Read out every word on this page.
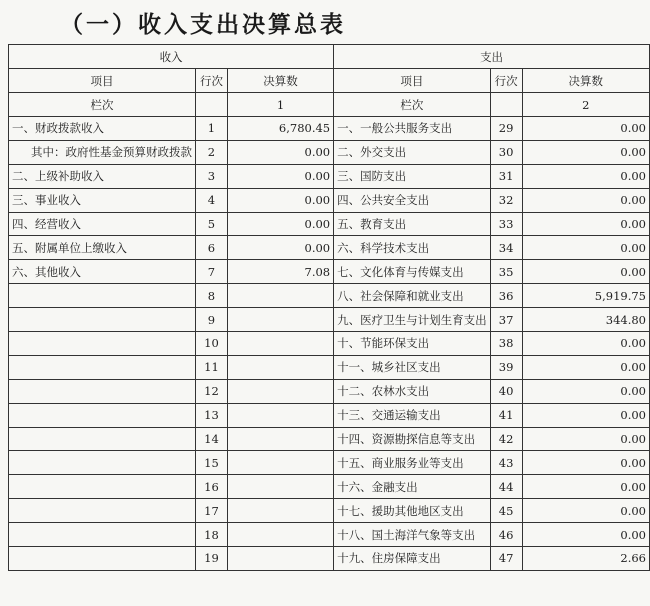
（一）收入支出决算总表
收入			支出		
项目	行次	决算数	项目	行次	决算数
栏次		1	栏次		2
一、财政拨款收入	1	6,780.45	一、一般公共服务支出	29	0.00
其中：政府性基金预算财政拨款	2	0.00	二、外交支出	30	0.00
二、上级补助收入	3	0.00	三、国防支出	31	0.00
三、事业收入	4	0.00	四、公共安全支出	32	0.00
四、经营收入	5	0.00	五、教育支出	33	0.00
五、附属单位上缴收入	6	0.00	六、科学技术支出	34	0.00
六、其他收入	7	7.08	七、文化体育与传媒支出	35	0.00
	8		八、社会保障和就业支出	36	5,919.75
	9		九、医疗卫生与计划生育支出	37	344.80
	10		十、节能环保支出	38	0.00
	11		十一、城乡社区支出	39	0.00
	12		十二、农林水支出	40	0.00
	13		十三、交通运输支出	41	0.00
	14		十四、资源勘探信息等支出	42	0.00
	15		十五、商业服务业等支出	43	0.00
	16		十六、金融支出	44	0.00
	17		十七、援助其他地区支出	45	0.00
	18		十八、国土海洋气象等支出	46	0.00
	19		十九、住房保障支出	47	2.66
